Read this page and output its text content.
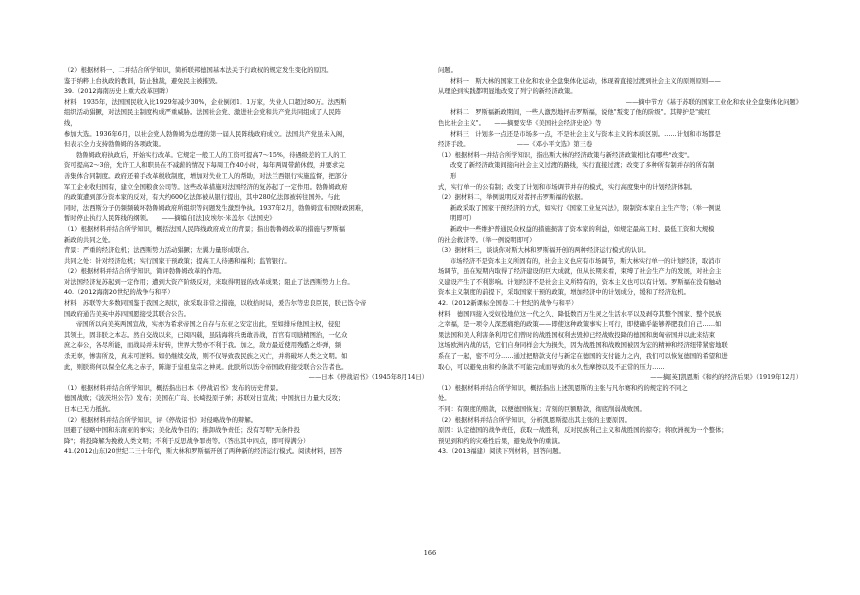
（2）根据材料一、二并结合所学知识，简析联邦德国基本法关于行政权的规定发生变化的原因。
鉴于纳粹上台执政的教训，防止独裁，避免民主被摧毁。
39.（2012海南历史上重大改革回眸）
材料　1935年，法国国民收入比1929年减少30%，企业倒闭1．1万家，失业人口超过80万。法西斯
组织活动猖獗，对法国民主制度构成严重威胁。法国社会党、激进社会党和共产党共同组成了人民阵
线，
参加大选。1936年6月，以社会党人勃鲁姆为总理的第一届人民阵线政府成立。法国共产党虽未入阁，
但表示全力支持勃鲁姆的各项政策。
勃鲁姆政府执政后，开始实行改革。它规定一般工人的工资可提高7～15%，待遇级差的工人的工
资可提高2～3倍，允许工人和职员在不减薪的情况下每周工作40小时，每年两周带薪休假，并要求完
善集体合同制度。政府还着手改革税收制度，增加对失业工人的帮助，对法兰西银行实施监督，把部分
军工企业收归国有，建立全国粮食公司等。这些改革措施对法国经济的复苏起了一定作用。勃鲁姆政府
的政策遭到部分资本家的反对，有大约600亿法郎被从银行提出，其中280亿法郎被转往国外。与此
同时，法西斯分子仍频频破坏勃鲁姆政府所组织等问题发生激烈争执。1937年2月，勃鲁姆宣布国财政困难，
暂时停止执行人民阵线的纲领。　　——摘编自[法]皮埃尔·米盖尔《法国史》
（1）根据材料并结合所学知识，概括法国人民阵线政府成立的背景；指出勃鲁姆改革的措施与罗斯福
新政的共同之处。
背景：严重的经济危机；法西斯势力活动猖獗；左翼力量形成联合。
共同之处：针对经济危机；实行国家干预政策；提高工人待遇和福利；监管银行。
（2）根据材料并结合所学知识，简评勃鲁姆改革的作用。
对法国经济复苏起到一定作用；遭到大资产阶级反对，来取得明显的改革成果；阻止了法西斯势力上台。
40.（2012海南20世纪的战争与和平）
材料　苏联等大多数同国鉴于我国之现状，欲采取非常之措施，以收拾时局，爰告尔等忠良臣民，朕已饬令帝
国政府通告美英中苏四国愿接受其联合公告。
帝国所以向美英两国宣战，实亦为希求帝国之自存与东亚之安定出此，至如排斥他国主权，侵犯
其领土，固非朕之本志。然自交战以来，已阅四载，虽陆海将兵勇敢善战，百官有司励精图治，一亿众
庶之奉公，各尽所能，而战局并未好转，世界大势亦不利于我。加之，敌方最近使用残酷之炸弹，频
杀无辜，惨害所及，真未可逆料。如仍继续交战，则不仅导致我民族之灭亡，并将破坏人类之文明。如
此，则朕将何以保全亿兆之赤子，陈谢于皇祖皇宗之神灵。此朕所以饬令帝国政府接受联合公告者也。
——日本《停战诏书》（1945年8月14日）
（1）根据材料并结合所学知识，概括指出日本《停战诏书》发布的历史背景。
德国战败；《波茨坦公告》发布；美国在广岛、长崎投原子弹；苏联对日宣战；中国抗日力量大反攻；
日本已无力抵抗。
（2）根据材料并结合所学知识，评《停战诏书》对侵略战争的辩解。
回避了侵略中国和东南亚的事实；美化战争目的；推卸战争责任；没有写明"无条件投
降"；将投降解为挽救人类文明；不利于反思战争罪责等。（答出其中四点，即可得满分）
41.(2012山东)20世纪二三十年代，斯大林和罗斯福开创了两种新的经济运行模式。阅读材料，回答
问题。
材料一　斯大林的国家工业化和农业全盘集体化运动，体现着直接过渡到社会主义的原则原则——
从理论到实践都明显地改变了列宁的新经济政策。
——摘中节方《基于苏联的国家工业化和农业全盘集体化问题》
材料二　罗斯福新政期间，一些人激烈地抨击罗斯福，说他"叛变了他的阶级"。其辩护是"疲红
色比社会主义"。　　——摘要安华《美国社会经济史论》等
材料三　计划多一点还是市场多一点，不是社会主义与资本主义的本质区别。……计划和市场都是
经济手段。　　　　　　　　——《邓小平文选》第三卷
（1）根据材料一并结合所学知识，指出斯大林的经济政策与新经济政策相比有哪些"改变"。
改变了新经济政策间接向社会主义过渡的路线，实行直接过渡；改变了多种所有制并存的所有制
形
式，实行单一的公有制；改变了计划和市场调节并存的模式，实行高度集中的计划经济体制。
（2）据材料二，举例说明反对者抨击罗斯福的依据。
新政采取了国家干预经济的方式，如实行《国家工业复兴法》，限制资本家自主生产等；（举一例说
明即可）
新政中一些维护普通民众权益的措施损害了资本家的利益，如规定最高工时、最低工资和大规模
的社会救济等。（举一例说明即可）
（3）据材料三，谈谈你对斯大林和罗斯福开创的两种经济运行模式的认识。
市场经济不是资本主义所固有的，社会主义也应有市场调节，斯大林实行单一的计划经济，取消市
场调节，虽在短期内取得了经济建设的巨大成就，但从长期来看，束缚了社会生产力的发展，对社会主
义建设产生了不利影响。计划经济不是社会主义所特有的，资本主义也可以有计划。罗斯福在没有触动
资本主义制度的前提下，采取国家干预的政策，增加经济中的计划成分，缓和了经济危机。
42.（2012新课标全国卷二十世纪的战争与和平）
材料　德国四接入受奴役地位这一代之久、降低数百万生灵之生活水平以及剥夺其整个国家、整个民族
之幸福，是一项令人深恶痛绝的政策——即使这种政策事实上可行，即使确乎能够养肥我们自己……如
果法国和美人利害条利用它们曾时的战胜国权利去毁掉已经战败投降的德国和奥匈帝国并以此来结束
这场欧洲内战的话，它们自身同样会大为损失，因为战胜国和战败国被因为宏的精神和经济纽带紧密地联
系在了一起，密不可分……通过把赔款支付与新定在德国的支付能力之内，我们可以恢复德国的希望和进
取心，可以避免由和约条款不可能完成而导致的永久性摩擦以及不正常的压力……
——摘[英]凯恩斯《和约的经济后果》（1919年12月）
（1）根据材料并结合所学知识，概括指出上述凯恩斯的主张与凡尔赛和约的规定的不同之
处。
不同：有限度的赔款，以便德国恢复；苛刻的巨额赔款，彻底削弱战败国。
（2）根据材料并结合所学知识，分析凯恩斯提出其主张的主要原因。
原因：认定德国的战争责任，获取一战胜利，反对民族利己主义和战胜国的掠夺；将欧洲视为一个整体；
预见到和约的灾难性后果，避免战争的重演。
43.（2013福建）阅读下列材料，回答问题。
166
